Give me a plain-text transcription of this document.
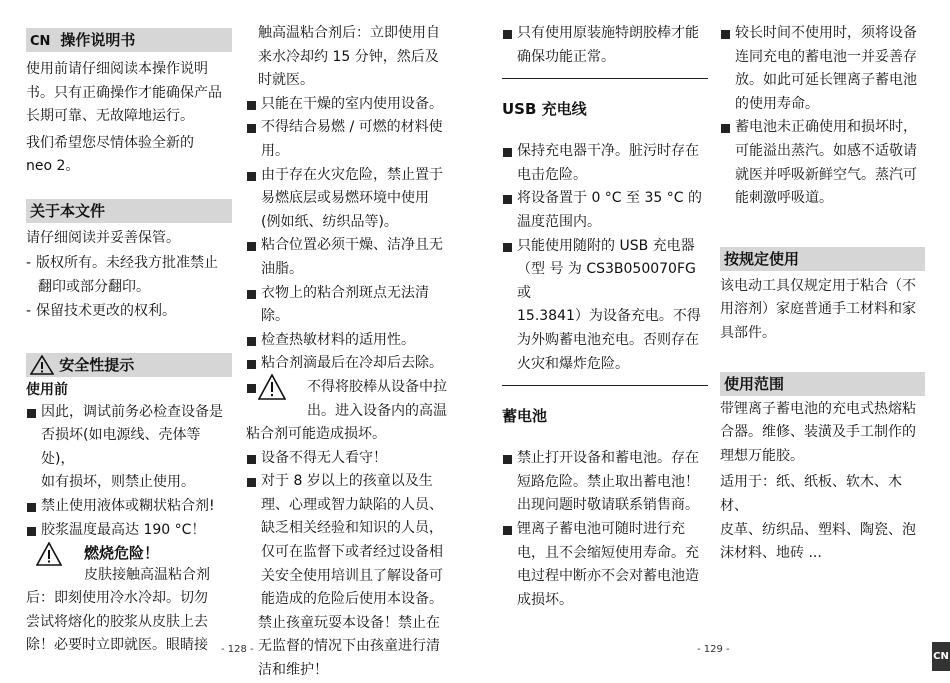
CN 操作说明书

使用前请仔细阅读本操作说明

书。只有正确操作才能确保产品

长期可靠、无故障地运行。

我们希望您尽情体验全新的

neo 2。

关于本文件

请仔细阅读并妥善保管。

- 版权所有。未经我方批准禁止
翻印或部分翻印。
- 保留技术更改的权利。
安全性提示

使用前

因此，调试前务必检查设备是
否损坏(如电源线、壳体等处)，
如有损坏，则禁止使用。
禁止使用液体或糊状粘合剂!
胶浆温度最高达 190 °C！

燃烧危险！

皮肤接触高温粘合剂

后：即刻使用冷水冷却。切勿

尝试将熔化的胶浆从皮肤上去

除！必要时立即就医。眼睛接

触高温粘合剂后：立即使用自

来水冷却约 15 分钟，然后及

时就医。

只能在干燥的室内使用设备。
不得结合易燃 / 可燃的材料使
用。
由于存在火灾危险，禁止置于
易燃底层或易燃环境中使用
(例如纸、纺织品等)。
粘合位置必须干燥、洁净且无
油脂。
衣物上的粘合剂斑点无法清除。
检查热敏材料的适用性。
粘合剂滴最后在冷却后去除。
不得将胶棒从设备中拉
出。进入设备内的高温

粘合剂可能造成损坏。

设备不得无人看守！
对于 8 岁以上的孩童以及生
理、心理或智力缺陷的人员、
缺乏相关经验和知识的人员，
仅可在监督下或者经过设备相
关安全使用培训且了解设备可
能造成的危险后使用本设备。

禁止孩童玩耍本设备！禁止在

无监督的情况下由孩童进行清

洁和维护！

只有使用原装施特朗胶棒才能
确保功能正常。

USB 充电线

保持充电器干净。脏污时存在
电击危险。
将设备置于 0 °C 至 35 °C 的
温度范围内。
只能使用随附的 USB 充电器
（型 号 为 CS3B050070FG 或
15.3841）为设备充电。不得
为外购蓄电池充电。否则存在
火灾和爆炸危险。

蓄电池

禁止打开设备和蓄电池。存在
短路危险。禁止取出蓄电池！
出现问题时敬请联系销售商。
锂离子蓄电池可随时进行充
电，且不会缩短使用寿命。充
电过程中断亦不会对蓄电池造
成损坏。
较长时间不使用时，须将设备
连同充电的蓄电池一并妥善存
放。如此可延长锂离子蓄电池
的使用寿命。
蓄电池未正确使用和损坏时，
可能溢出蒸汽。如感不适敬请
就医并呼吸新鲜空气。蒸汽可
能刺激呼吸道。
按规定使用

该电动工具仅规定用于粘合（不

用溶剂）家庭普通手工材料和家

具部件。

使用范围

带锂离子蓄电池的充电式热熔粘

合器。维修、装潢及手工制作的

理想万能胶。

适用于：纸、纸板、软木、木材、

皮革、纺织品、塑料、陶瓷、泡

沫材料、地砖 ...

- 128 -	- 129 -
CN
